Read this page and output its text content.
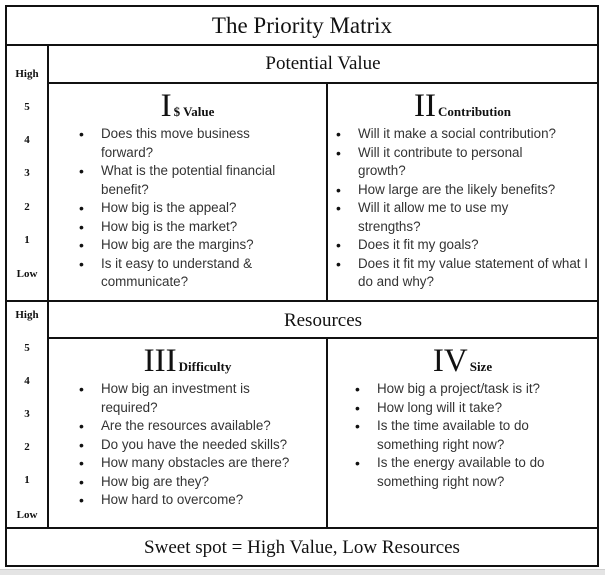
The Priority Matrix
Potential Value
High
5
4
3
2
1
Low
I $ Value
• Does this move business forward?
• What is the potential financial benefit?
• How big is the appeal?
• How big is the market?
• How big are the margins?
• Is it easy to understand & communicate?
II Contribution
• Will it make a social contribution?
• Will it contribute to personal growth?
• How large are the likely benefits?
• Will it allow me to use my strengths?
• Does it fit my goals?
• Does it fit my value statement of what I do and why?
Resources
High
5
4
3
2
1
Low
III Difficulty
• How big an investment is required?
• Are the resources available?
• Do you have the needed skills?
• How many obstacles are there?
• How big are they?
• How hard to overcome?
IV Size
• How big a project/task is it?
• How long will it take?
• Is the time available to do something right now?
• Is the energy available to do something right now?
Sweet spot = High Value, Low Resources
